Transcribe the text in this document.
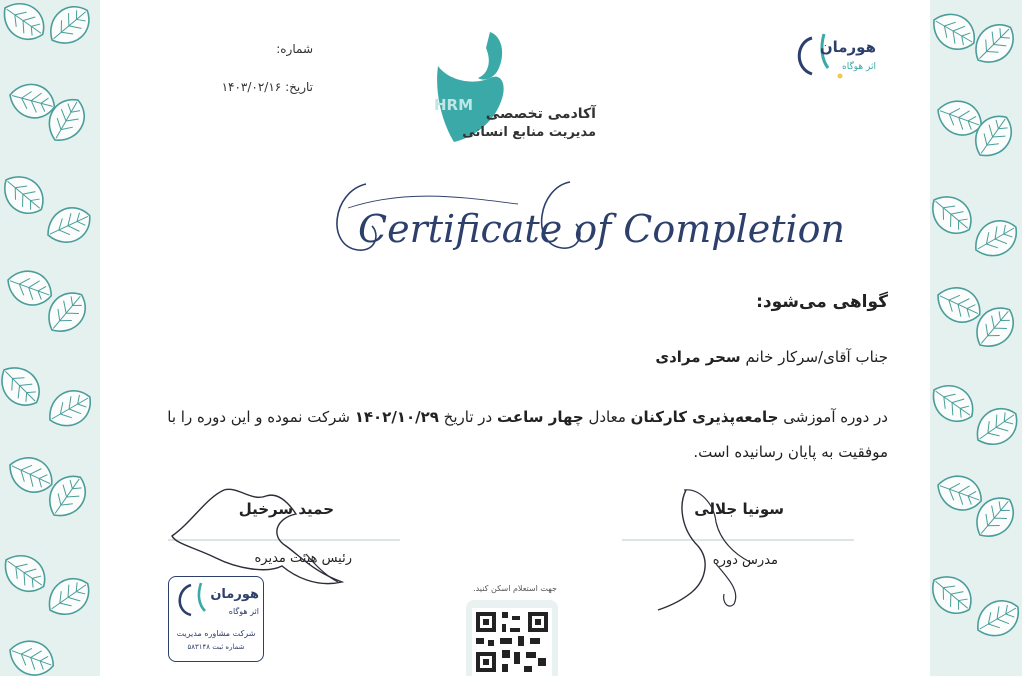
شماره:
تاریخ: ۱۴۰۳/۰۲/۱۶
HRM آکادمی تخصصی
مدیریت منابع انسانی
هورمان
اثر هوگاه
Certificate of Completion
گواهی می‌شود:
جناب آقای/سرکار خانم سحر مرادی
در دوره آموزشی جامعه‌پذیری کارکنان معادل چهار ساعت در تاریخ ۱۴۰۲/۱۰/۲۹ شرکت نموده و این دوره را با
موفقیت به پایان رسانیده است.
حمید سرخیل
رئیس هیئت مدیره
سونیا جلالی
مدرس دوره
هورمان
اثر هوگاه
شرکت مشاوره مدیریت
شماره ثبت ۵۸۳۱۴۸
جهت استعلام اسکن کنید.
